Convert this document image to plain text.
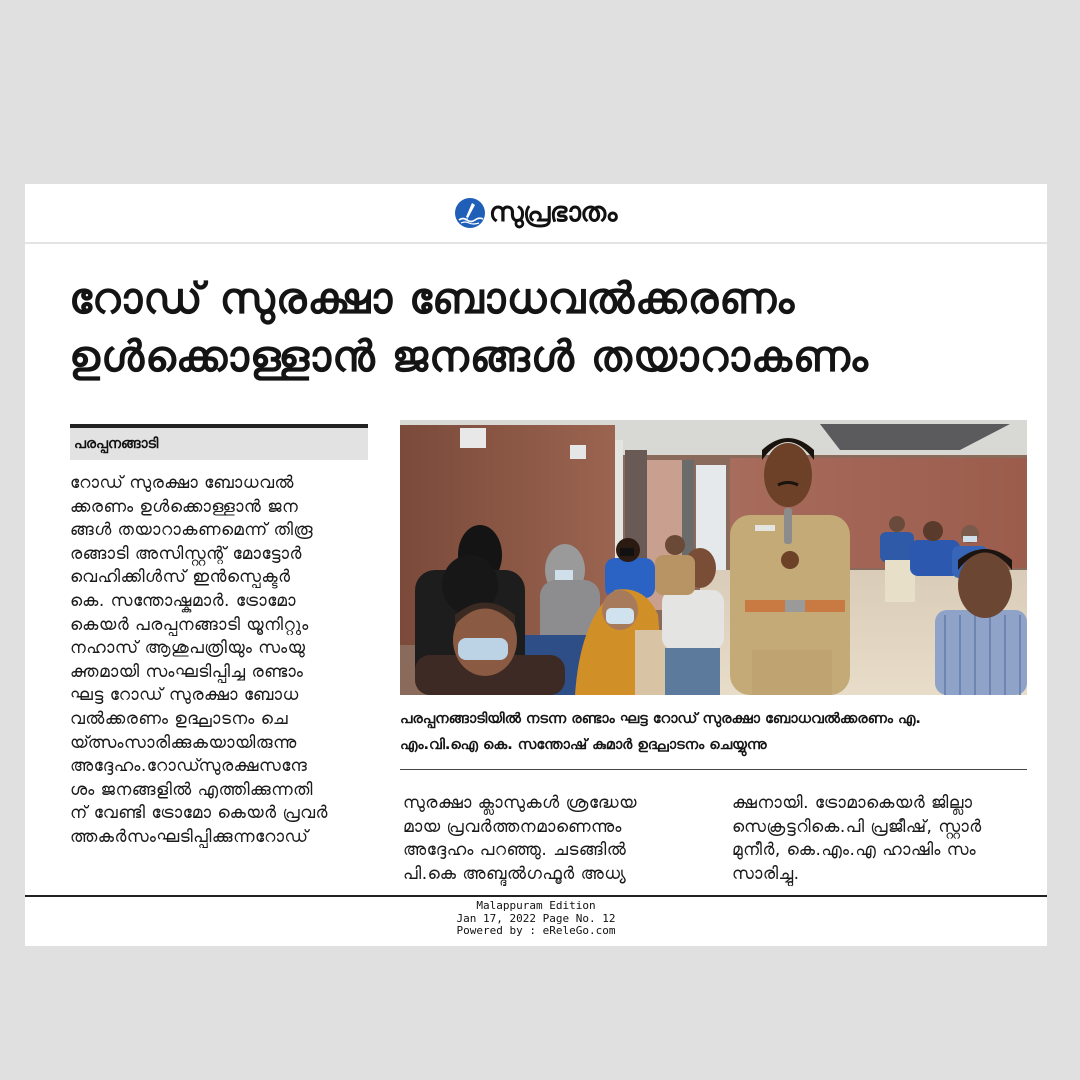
സുപ്രഭാതം
റോഡ് സുരക്ഷാ ബോധവൽക്കരണം
ഉൾക്കൊള്ളാൻ ജനങ്ങൾ തയാറാകണം
പരപ്പനങ്ങാടി
റോഡ് സുരക്ഷാ ബോധവൽ
ക്കരണം ഉൾക്കൊള്ളാൻ ജന
ങ്ങൾ തയാറാകണമെന്ന് തിരൂ
രങ്ങാടി അസിസ്റ്റന്റ് മോട്ടോർ
വെഹിക്കിൾസ് ഇൻസ്പെക്ടർ
കെ. സന്തോഷ്കുമാർ. ട്രോമോ
കെയർ പരപ്പനങ്ങാടി യൂനിറ്റും
നഹാസ് ആശുപത്രിയും സംയു
ക്തമായി സംഘടിപ്പിച്ച രണ്ടാം
ഘട്ട റോഡ് സുരക്ഷാ ബോധ
വൽക്കരണം ഉദ്ഘാടനം ചെ
യ്ത്സംസാരിക്കുകയായിരുന്നു
അദ്ദേഹം.റോഡ്സുരക്ഷസന്ദേ
ശം ജനങ്ങളിൽ എത്തിക്കുന്നതി
ന് വേണ്ടി ട്രോമോ കെയർ പ്രവർ
ത്തകർസംഘടിപ്പിക്കുന്നറോഡ്
പരപ്പനങ്ങാടിയിൽ നടന്ന രണ്ടാം ഘട്ട റോഡ് സുരക്ഷാ ബോധവൽക്കരണം എ.
എം.വി.ഐ കെ. സന്തോഷ് കുമാർ ഉദ്ഘാടനം ചെയ്യുന്നു
സുരക്ഷാ ക്ലാസുകൾ ശ്രദ്ധേയ
മായ പ്രവർത്തനമാണെന്നും
അദ്ദേഹം പറഞ്ഞു. ചടങ്ങിൽ
പി.കെ അബ്ദുൽഗഫൂർ അധ്യ
ക്ഷനായി. ട്രോമാകെയർ ജില്ലാ
സെക്രട്ടറികെ.പി പ്രജീഷ്, സ്റ്റാർ
മുനീർ, കെ.എം.എ ഹാഷിം സം
സാരിച്ചു.
Malappuram Edition
Jan 17, 2022 Page No. 12
Powered by : eReleGo.com
